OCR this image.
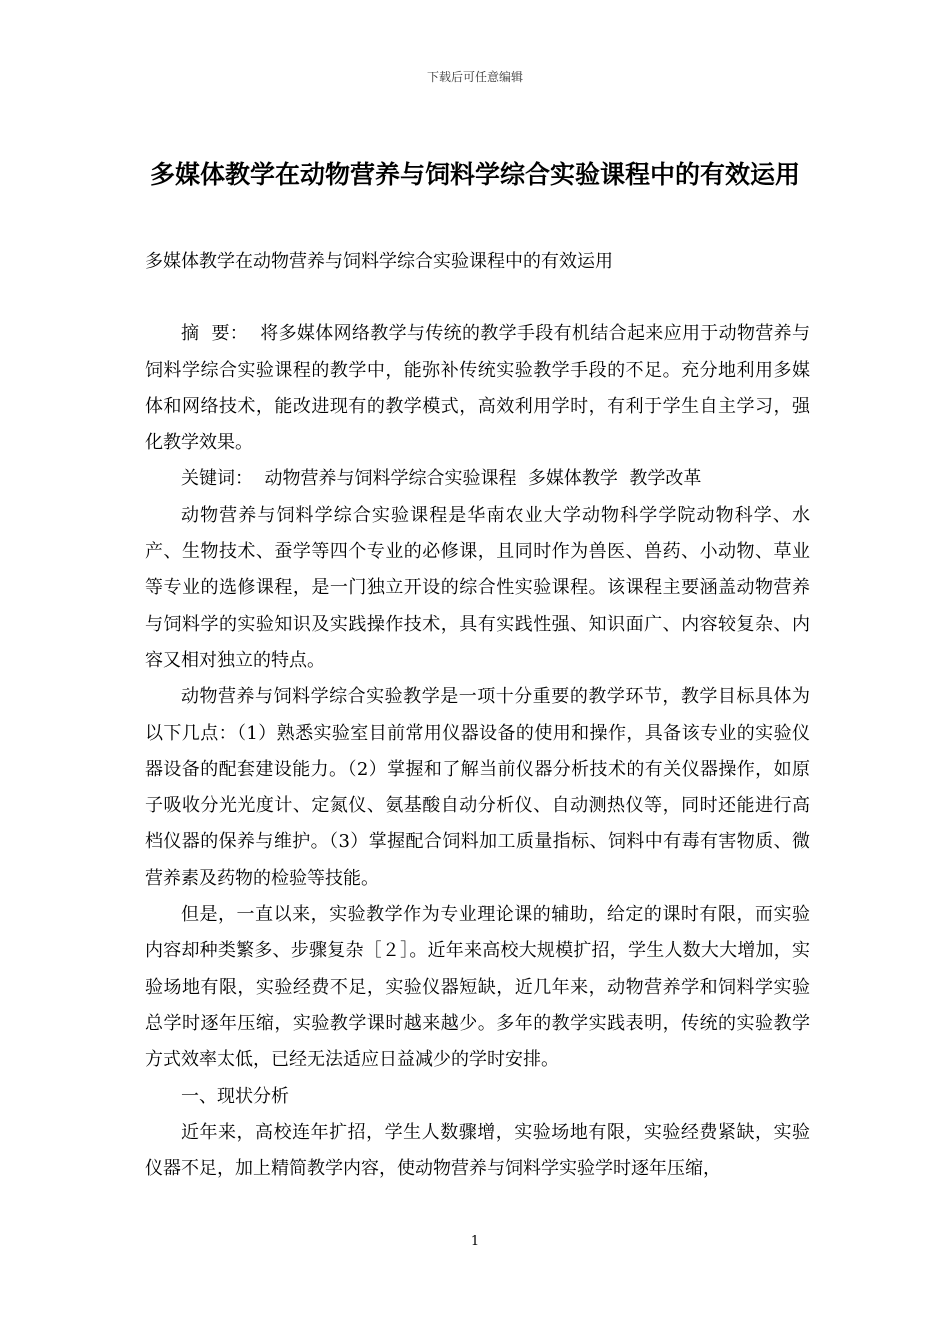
下载后可任意编辑
多媒体教学在动物营养与饲料学综合实验课程中的有效运用

多媒体教学在动物营养与饲料学综合实验课程中的有效运用

摘  要： 将多媒体网络教学与传统的教学手段有机结合起来应用于动物营养与饲料学综合实验课程的教学中，能弥补传统实验教学手段的不足。充分地利用多媒体和网络技术，能改进现有的教学模式，高效利用学时，有利于学生自主学习，强化教学效果。

关键词： 动物营养与饲料学综合实验课程  多媒体教学  教学改革

动物营养与饲料学综合实验课程是华南农业大学动物科学学院动物科学、水产、生物技术、蚕学等四个专业的必修课，且同时作为兽医、兽药、小动物、草业等专业的选修课程，是一门独立开设的综合性实验课程。该课程主要涵盖动物营养与饲料学的实验知识及实践操作技术，具有实践性强、知识面广、内容较复杂、内容又相对独立的特点。

动物营养与饲料学综合实验教学是一项十分重要的教学环节，教学目标具体为以下几点：（1）熟悉实验室目前常用仪器设备的使用和操作，具备该专业的实验仪器设备的配套建设能力。（2）掌握和了解当前仪器分析技术的有关仪器操作，如原子吸收分光光度计、定氮仪、氨基酸自动分析仪、自动测热仪等，同时还能进行高档仪器的保养与维护。（3）掌握配合饲料加工质量指标、饲料中有毒有害物质、微营养素及药物的检验等技能。

但是，一直以来，实验教学作为专业理论课的辅助，给定的课时有限，而实验内容却种类繁多、步骤复杂［２］。近年来高校大规模扩招，学生人数大大增加，实验场地有限，实验经费不足，实验仪器短缺，近几年来，动物营养学和饲料学实验总学时逐年压缩，实验教学课时越来越少。多年的教学实践表明，传统的实验教学方式效率太低，已经无法适应日益减少的学时安排。

一、现状分析

近年来，高校连年扩招，学生人数骤增，实验场地有限，实验经费紧缺，实验仪器不足，加上精简教学内容，使动物营养与饲料学实验学时逐年压缩，

1
